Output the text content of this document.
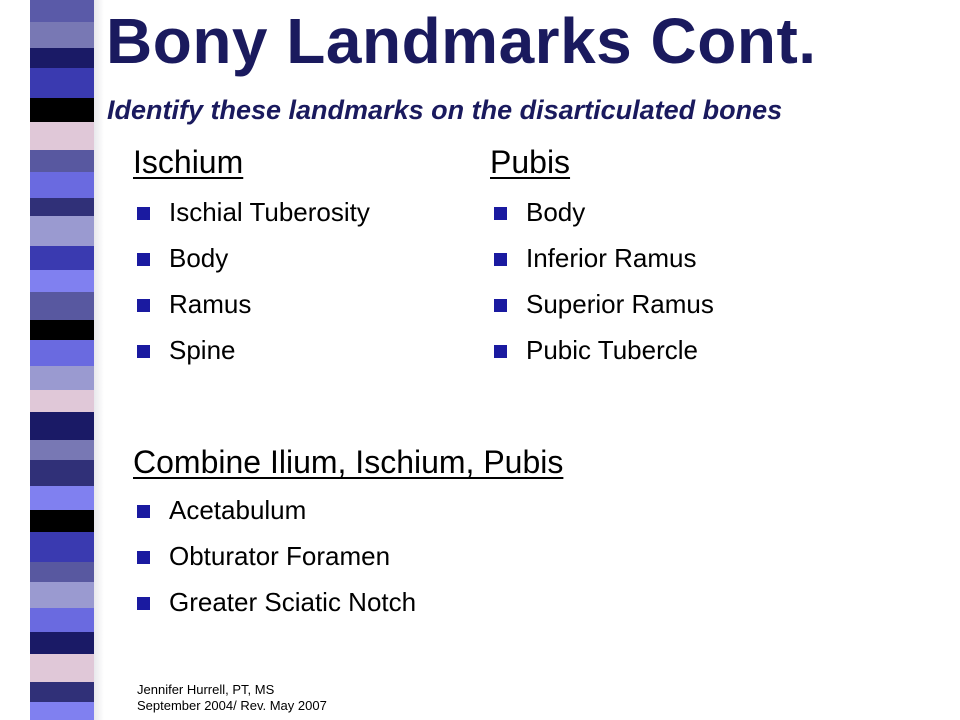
Bony Landmarks Cont.
Identify these landmarks on the disarticulated bones
Ischium
Ischial Tuberosity
Body
Ramus
Spine
Pubis
Body
Inferior Ramus
Superior Ramus
Pubic Tubercle
Combine Ilium, Ischium, Pubis
Acetabulum
Obturator Foramen
Greater Sciatic Notch
Jennifer Hurrell, PT, MS
September 2004/ Rev. May 2007
